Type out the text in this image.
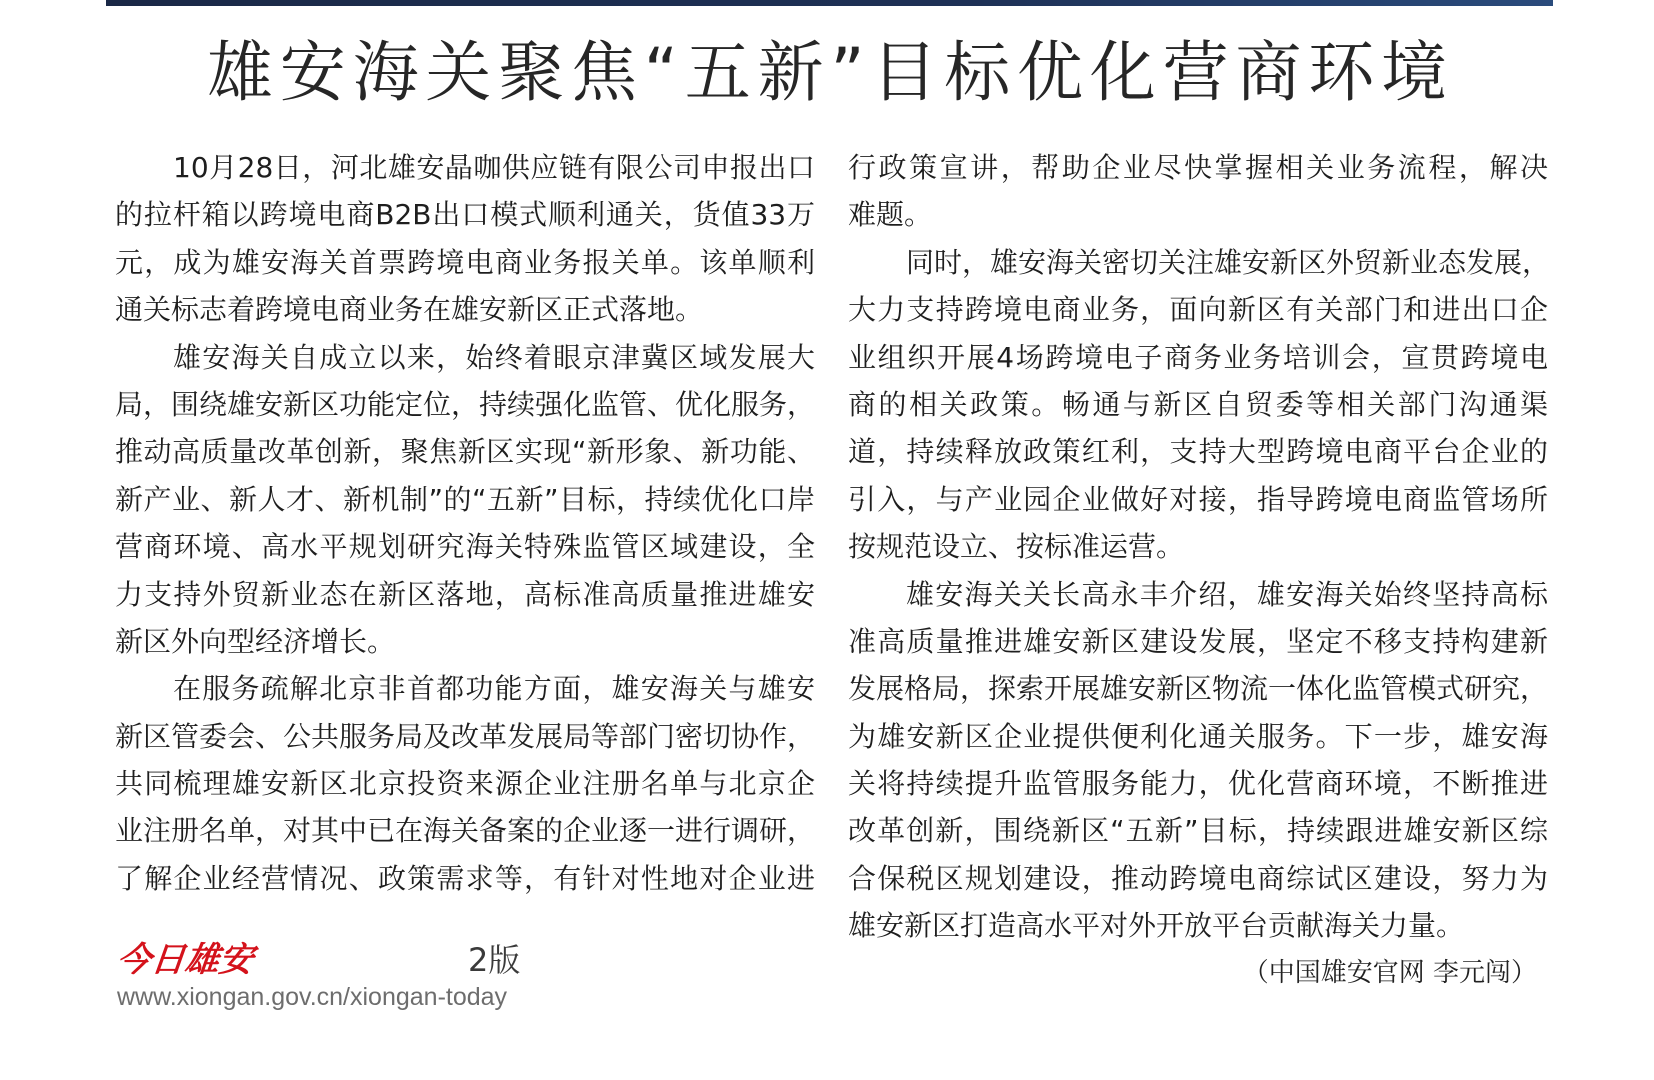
雄安海关聚焦“五新”目标优化营商环境
10月28日，河北雄安晶咖供应链有限公司申报出口
的拉杆箱以跨境电商B2B出口模式顺利通关，货值33万
元，成为雄安海关首票跨境电商业务报关单。该单顺利
通关标志着跨境电商业务在雄安新区正式落地。
雄安海关自成立以来，始终着眼京津冀区域发展大
局，围绕雄安新区功能定位，持续强化监管、优化服务，
推动高质量改革创新，聚焦新区实现“新形象、新功能、
新产业、新人才、新机制”的“五新”目标，持续优化口岸
营商环境、高水平规划研究海关特殊监管区域建设，全
力支持外贸新业态在新区落地，高标准高质量推进雄安
新区外向型经济增长。
在服务疏解北京非首都功能方面，雄安海关与雄安
新区管委会、公共服务局及改革发展局等部门密切协作，
共同梳理雄安新区北京投资来源企业注册名单与北京企
业注册名单，对其中已在海关备案的企业逐一进行调研，
了解企业经营情况、政策需求等，有针对性地对企业进
行政策宣讲，帮助企业尽快掌握相关业务流程，解决
难题。
同时，雄安海关密切关注雄安新区外贸新业态发展，
大力支持跨境电商业务，面向新区有关部门和进出口企
业组织开展4场跨境电子商务业务培训会，宣贯跨境电
商的相关政策。畅通与新区自贸委等相关部门沟通渠
道，持续释放政策红利，支持大型跨境电商平台企业的
引入，与产业园企业做好对接，指导跨境电商监管场所
按规范设立、按标准运营。
雄安海关关长高永丰介绍，雄安海关始终坚持高标
准高质量推进雄安新区建设发展，坚定不移支持构建新
发展格局，探索开展雄安新区物流一体化监管模式研究，
为雄安新区企业提供便利化通关服务。下一步，雄安海
关将持续提升监管服务能力，优化营商环境，不断推进
改革创新，围绕新区“五新”目标，持续跟进雄安新区综
合保税区规划建设，推动跨境电商综试区建设，努力为
雄安新区打造高水平对外开放平台贡献海关力量。
（中国雄安官网 李元闯）
今日雄安	2版
www.xiongan.gov.cn/xiongan-today
